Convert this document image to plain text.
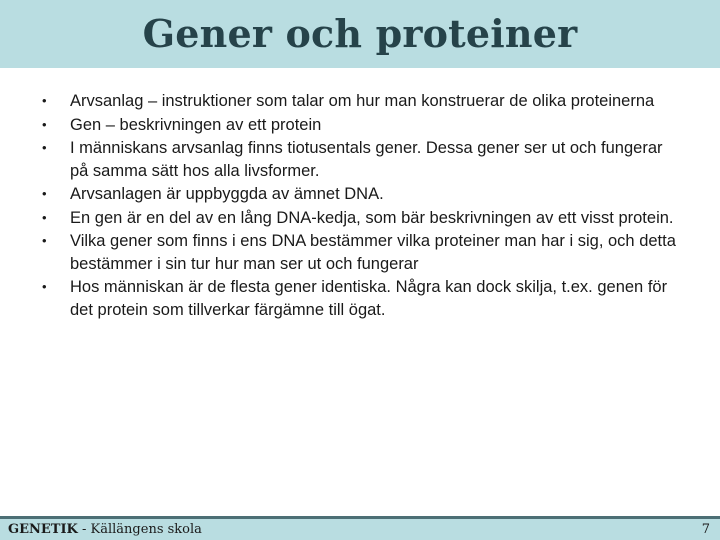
Gener och proteiner
•	Arvsanlag – instruktioner som talar om hur man konstruerar de olika proteinerna
•	Gen – beskrivningen av ett protein
•	I människans arvsanlag finns tiotusentals gener. Dessa gener ser ut och fungerar på samma sätt hos alla livsformer.
•	Arvsanlagen är uppbyggda av ämnet DNA.
•	En gen är en del av en lång DNA-kedja, som bär beskrivningen av ett visst protein.
•	Vilka gener som finns i ens DNA bestämmer vilka proteiner man har i sig, och detta bestämmer i sin tur hur man ser ut och fungerar
•	Hos människan är de flesta gener identiska. Några kan dock skilja, t.ex. genen för det protein som tillverkar färgämne till ögat.
GENETIK - Källängens skola	7
